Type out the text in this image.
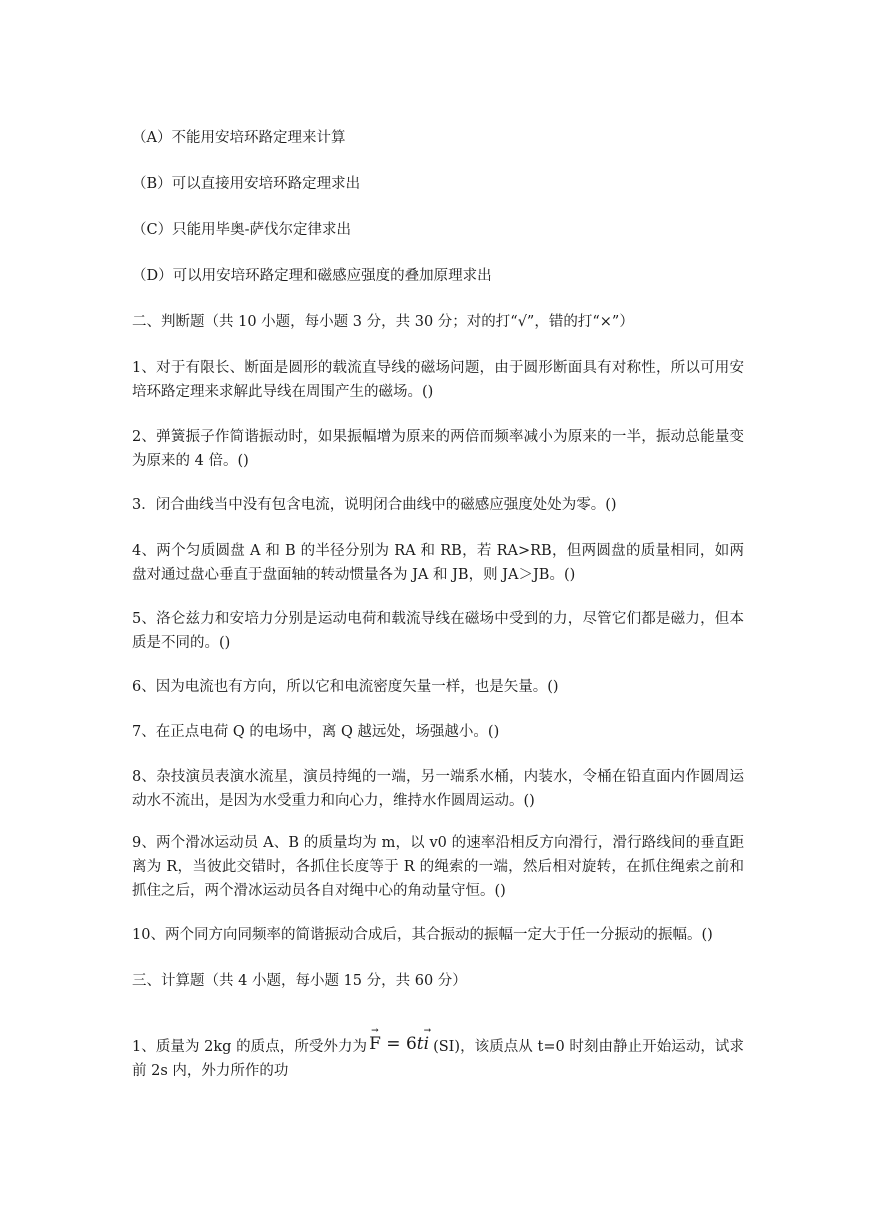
（A）不能用安培环路定理来计算
（B）可以直接用安培环路定理求出
（C）只能用毕奥-萨伐尔定律求出
（D）可以用安培环路定理和磁感应强度的叠加原理求出
二、判断题（共 10 小题，每小题 3 分，共 30 分；对的打“√”，错的打“×”）
1、对于有限长、断面是圆形的载流直导线的磁场问题，由于圆形断面具有对称性，所以可用安培环路定理来求解此导线在周围产生的磁场。()
2、弹簧振子作简谐振动时，如果振幅增为原来的两倍而频率减小为原来的一半，振动总能量变为原来的 4 倍。()
3．闭合曲线当中没有包含电流，说明闭合曲线中的磁感应强度处处为零。()
4、两个匀质圆盘 A 和 B 的半径分别为 RA 和 RB，若 RA>RB，但两圆盘的质量相同，如两盘对通过盘心垂直于盘面轴的转动惯量各为 JA 和 JB，则 JA＞JB。()
5、洛仑兹力和安培力分别是运动电荷和载流导线在磁场中受到的力，尽管它们都是磁力，但本质是不同的。()
6、因为电流也有方向，所以它和电流密度矢量一样，也是矢量。()
7、在正点电荷 Q 的电场中，离 Q 越远处，场强越小。()
8、杂技演员表演水流星，演员持绳的一端，另一端系水桶，内装水，令桶在铅直面内作圆周运动水不流出，是因为水受重力和向心力，维持水作圆周运动。()
9、两个滑冰运动员 A、B 的质量均为 m，以 v0 的速率沿相反方向滑行，滑行路线间的垂直距离为 R，当彼此交错时，各抓住长度等于 R 的绳索的一端，然后相对旋转，在抓住绳索之前和抓住之后，两个滑冰运动员各自对绳中心的角动量守恒。()
10、两个同方向同频率的简谐振动合成后，其合振动的振幅一定大于任一分振动的振幅。()
三、计算题（共 4 小题，每小题 15 分，共 60 分）
1、质量为 2kg 的质点，所受外力为
→
F = 6t
→
i (SI)，该质点从 t=0 时刻由静止开始运动，试求前 2s 内，外力所作的功
